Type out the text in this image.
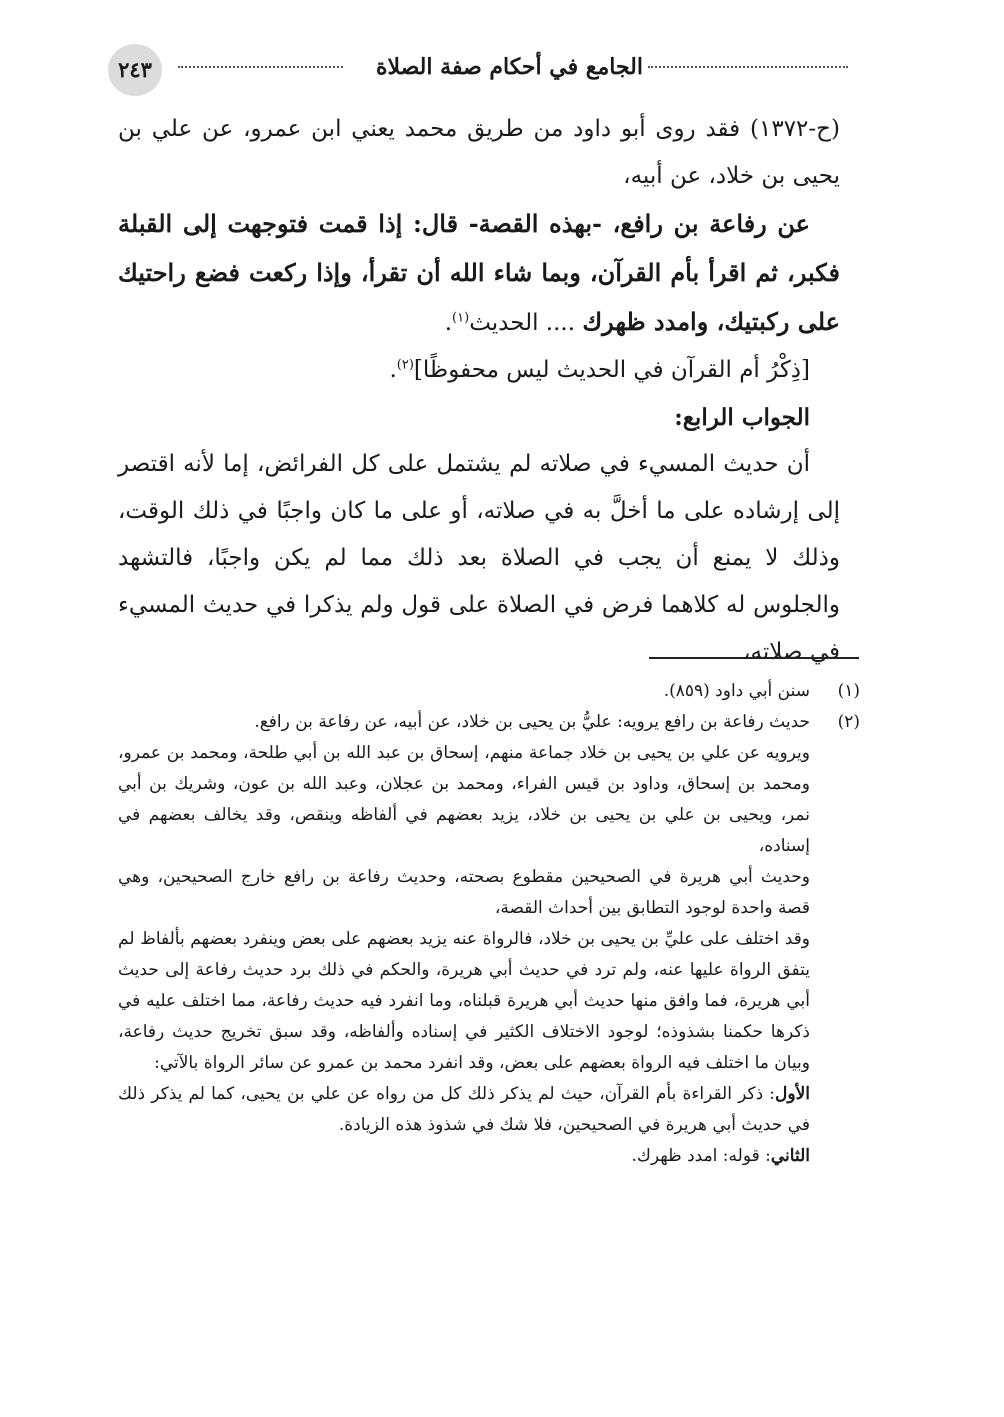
الجامع في أحكام صفة الصلاة
٢٤٣

(ح-١٣٧٢) فقد روى أبو داود من طريق محمد يعني ابن عمرو، عن علي بن يحيى بن خلاد، عن أبيه،

عن رفاعة بن رافع، -بهذه القصة- قال: إذا قمت فتوجهت إلى القبلة فكبر، ثم اقرأ بأم القرآن، وبما شاء الله أن تقرأ، وإذا ركعت فضع راحتيك على ركبتيك، وامدد ظهرك .... الحديث$^{(١)}$.

[ذِكْرُ أم القرآن في الحديث ليس محفوظًا]$^{(٢)}$.

الجواب الرابع:

أن حديث المسيء في صلاته لم يشتمل على كل الفرائض، إما لأنه اقتصر إلى إرشاده على ما أخلَّ به في صلاته، أو على ما كان واجبًا في ذلك الوقت، وذلك لا يمنع أن يجب في الصلاة بعد ذلك مما لم يكن واجبًا، فالتشهد والجلوس له كلاهما فرض في الصلاة على قول ولم يذكرا في حديث المسيء في صلاته،

(١)

سنن أبي داود (٨٥٩).

(٢)

حديث رفاعة بن رافع يرويه: عليُّ بن يحيى بن خلاد، عن أبيه، عن رفاعة بن رافع.

ويرويه عن علي بن يحيى بن خلاد جماعة منهم، إسحاق بن عبد الله بن أبي طلحة، ومحمد بن عمرو، ومحمد بن إسحاق، وداود بن قيس الفراء، ومحمد بن عجلان، وعبد الله بن عون، وشريك بن أبي نمر، ويحيى بن علي بن يحيى بن خلاد، يزيد بعضهم في ألفاظه وينقص، وقد يخالف بعضهم في إسناده،

وحديث أبي هريرة في الصحيحين مقطوع بصحته، وحديث رفاعة بن رافع خارج الصحيحين، وهي قصة واحدة لوجود التطابق بين أحداث القصة،

وقد اختلف على عليِّ بن يحيى بن خلاد، فالرواة عنه يزيد بعضهم على بعض وينفرد بعضهم بألفاظ لم يتفق الرواة عليها عنه، ولم ترد في حديث أبي هريرة، والحكم في ذلك برد حديث رفاعة إلى حديث أبي هريرة، فما وافق منها حديث أبي هريرة قبلناه، وما انفرد فيه حديث رفاعة، مما اختلف عليه في ذكرها حكمنا بشذوذه؛ لوجود الاختلاف الكثير في إسناده وألفاظه، وقد سبق تخريج حديث رفاعة، وبيان ما اختلف فيه الرواة بعضهم على بعض، وقد انفرد محمد بن عمرو عن سائر الرواة بالآتي:

الأول: ذكر القراءة بأم القرآن، حيث لم يذكر ذلك كل من رواه عن علي بن يحيى، كما لم يذكر ذلك في حديث أبي هريرة في الصحيحين، فلا شك في شذوذ هذه الزيادة.

الثاني: قوله: امدد ظهرك.
